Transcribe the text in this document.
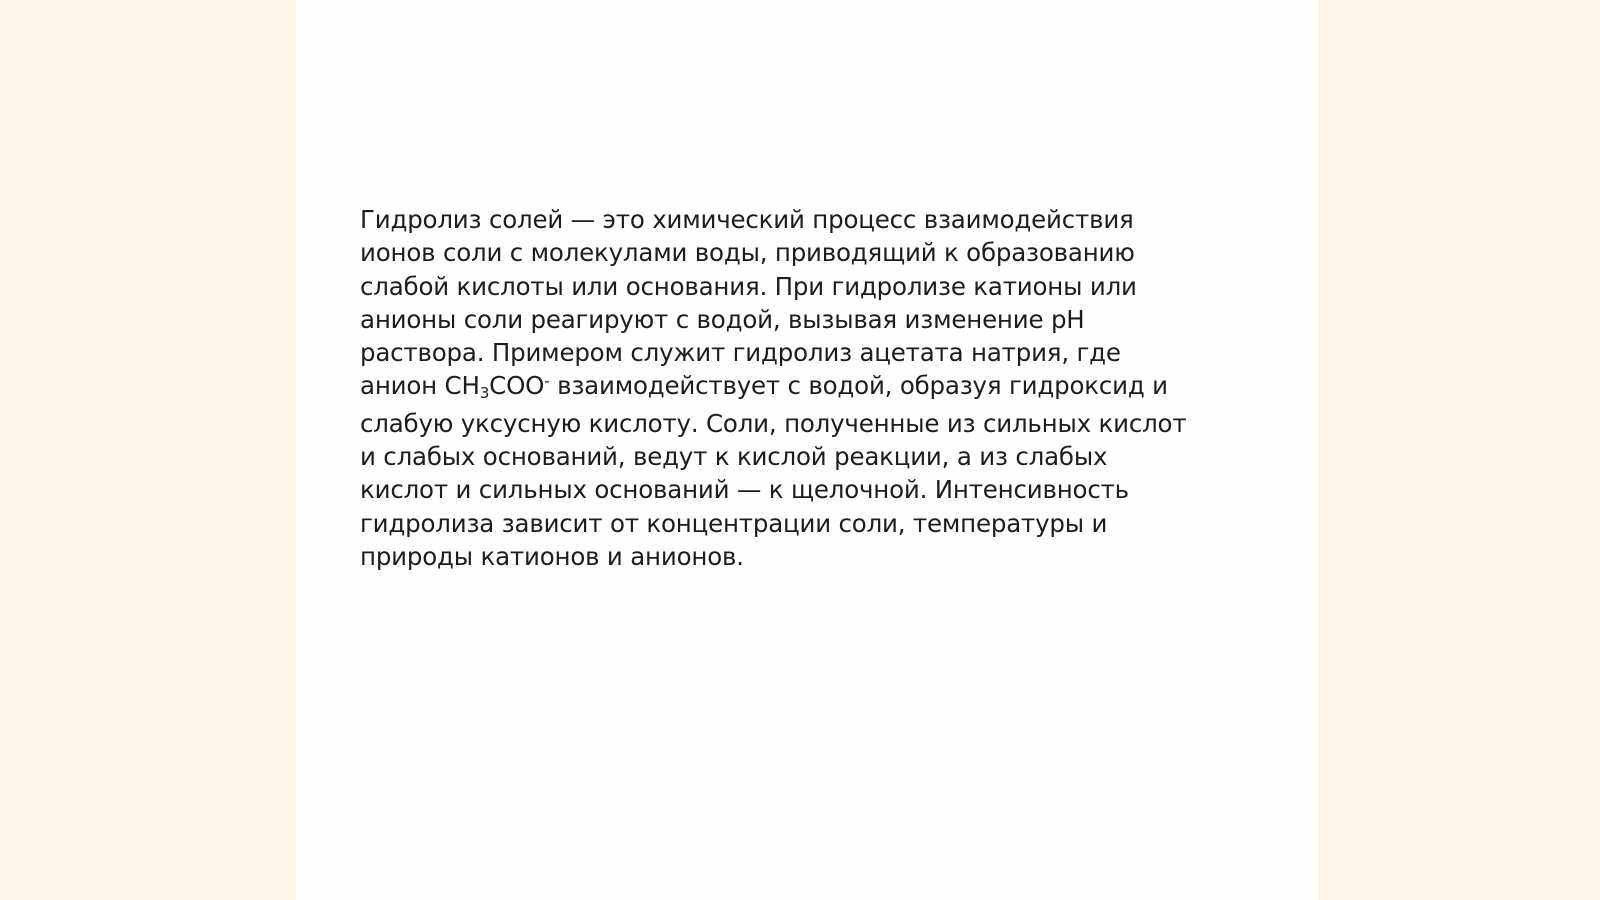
Гидролиз солей — это химический процесс взаимодействия
ионов соли с молекулами воды, приводящий к образованию
слабой кислоты или основания. При гидролизе катионы или
анионы соли реагируют с водой, вызывая изменение pH
раствора. Примером служит гидролиз ацетата натрия, где
анион CH3COO- взаимодействует с водой, образуя гидроксид и
слабую уксусную кислоту. Соли, полученные из сильных кислот
и слабых оснований, ведут к кислой реакции, а из слабых
кислот и сильных оснований — к щелочной. Интенсивность
гидролиза зависит от концентрации соли, температуры и
природы катионов и анионов.
